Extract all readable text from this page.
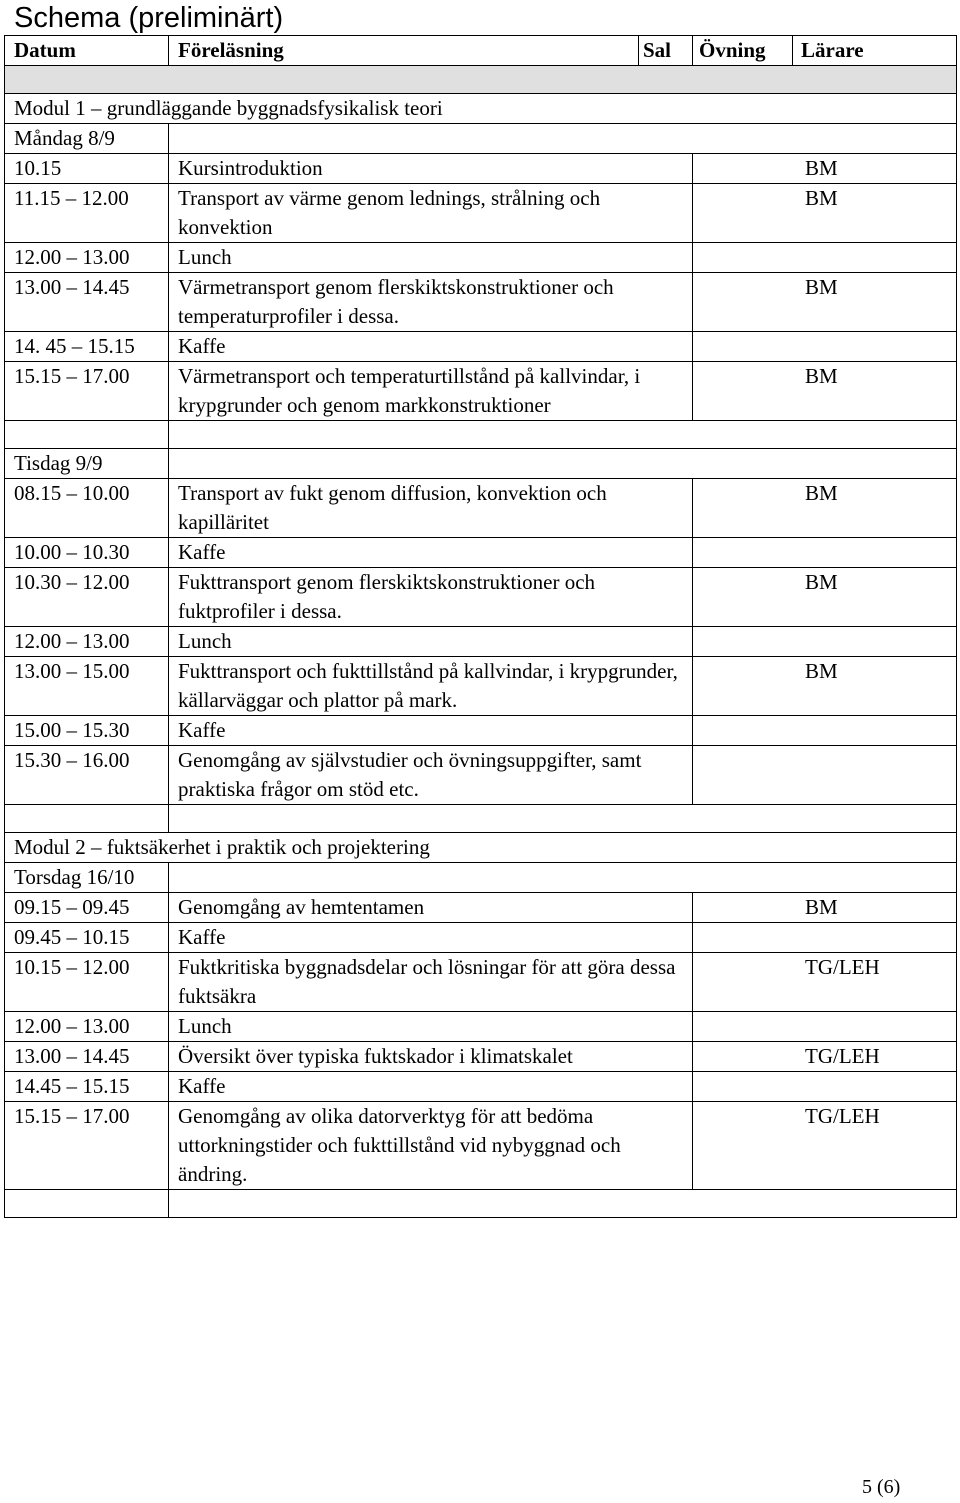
Schema (preliminärt)
Datum	Föreläsning	Sal	Övning	Lärare

Modul 1 – grundläggande byggnadsfysikalisk teori				
Måndag 8/9				
10.15	Kursintroduktion		BM	
11.15 – 12.00	Transport av värme genom lednings, strålning och konvektion		BM	
12.00 – 13.00	Lunch			
13.00 – 14.45	Värmetransport genom flerskiktskonstruktioner och temperaturprofiler i dessa.		BM	
14. 45 – 15.15	Kaffe			
15.15 – 17.00	Värmetransport och temperaturtillstånd på kallvindar, i krypgrunder och genom markkonstruktioner		BM	

Tisdag 9/9				
08.15 – 10.00	Transport av fukt genom diffusion, konvektion och kapilläritet		BM	
10.00 – 10.30	Kaffe			
10.30 – 12.00	Fukttransport genom flerskiktskonstruktioner och fuktprofiler i dessa.		BM	
12.00 – 13.00	Lunch			
13.00 – 15.00	Fukttransport och fukttillstånd på kallvindar, i krypgrunder, källarväggar och plattor på mark.		BM	
15.00 – 15.30	Kaffe			
15.30 – 16.00	Genomgång av självstudier och övningsuppgifter, samt praktiska frågor om stöd etc.			

Modul 2 – fuktsäkerhet i praktik och projektering				
Torsdag 16/10				
09.15 – 09.45	Genomgång av hemtentamen		BM	
09.45 – 10.15	Kaffe			
10.15 – 12.00	Fuktkritiska byggnadsdelar och lösningar för att göra dessa fuktsäkra		TG/LEH	
12.00 – 13.00	Lunch			
13.00 – 14.45	Översikt över typiska fuktskador i klimatskalet		TG/LEH	
14.45 – 15.15	Kaffe			
15.15 – 17.00	Genomgång av olika datorverktyg för att bedöma uttorkningstider och fukttillstånd vid nybyggnad och ändring.		TG/LEH	

5 (6)
